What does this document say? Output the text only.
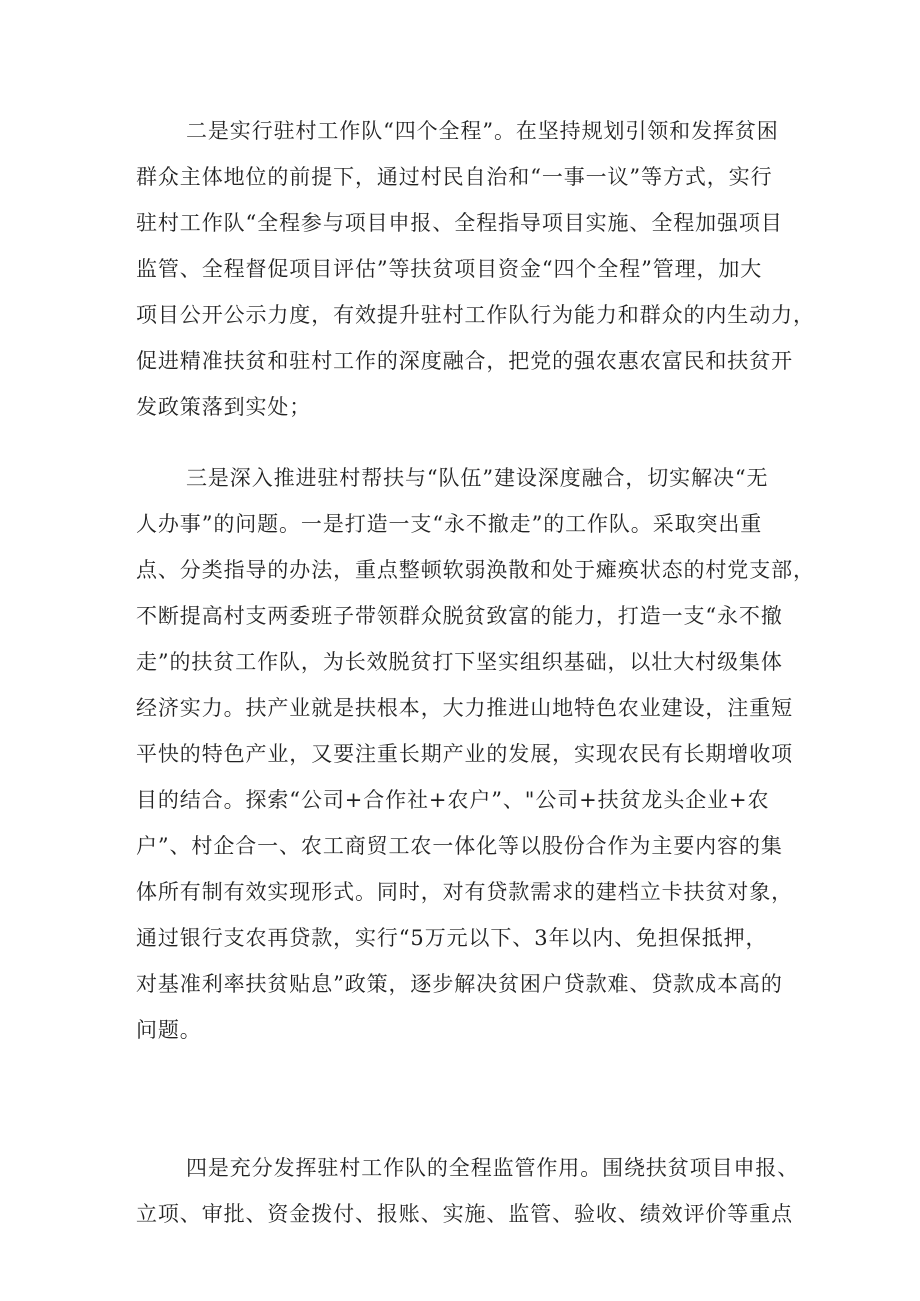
二是实行驻村工作队“四个全程”。在坚持规划引领和发挥贫困
群众主体地位的前提下，通过村民自治和“一事一议”等方式，实行
驻村工作队“全程参与项目申报、全程指导项目实施、全程加强项目
监管、全程督促项目评估”等扶贫项目资金“四个全程”管理，加大
项目公开公示力度，有效提升驻村工作队行为能力和群众的内生动力，
促进精准扶贫和驻村工作的深度融合，把党的强农惠农富民和扶贫开
发政策落到实处；
三是深入推进驻村帮扶与“队伍”建设深度融合，切实解决“无
人办事”的问题。一是打造一支“永不撤走”的工作队。采取突出重
点、分类指导的办法，重点整顿软弱涣散和处于瘫痪状态的村党支部，
不断提高村支两委班子带领群众脱贫致富的能力，打造一支“永不撤
走”的扶贫工作队，为长效脱贫打下坚实组织基础，以壮大村级集体
经济实力。扶产业就是扶根本，大力推进山地特色农业建设，注重短
平快的特色产业，又要注重长期产业的发展，实现农民有长期增收项
目的结合。探索“公司+合作社+农户”、"公司+扶贫龙头企业+农
户”、村企合一、农工商贸工农一体化等以股份合作为主要内容的集
体所有制有效实现形式。同时，对有贷款需求的建档立卡扶贫对象，
通过银行支农再贷款，实行“5万元以下、3年以内、免担保抵押，
对基准利率扶贫贴息”政策，逐步解决贫困户贷款难、贷款成本高的
问题。
四是充分发挥驻村工作队的全程监管作用。围绕扶贫项目申报、
立项、审批、资金拨付、报账、实施、监管、验收、绩效评价等重点
